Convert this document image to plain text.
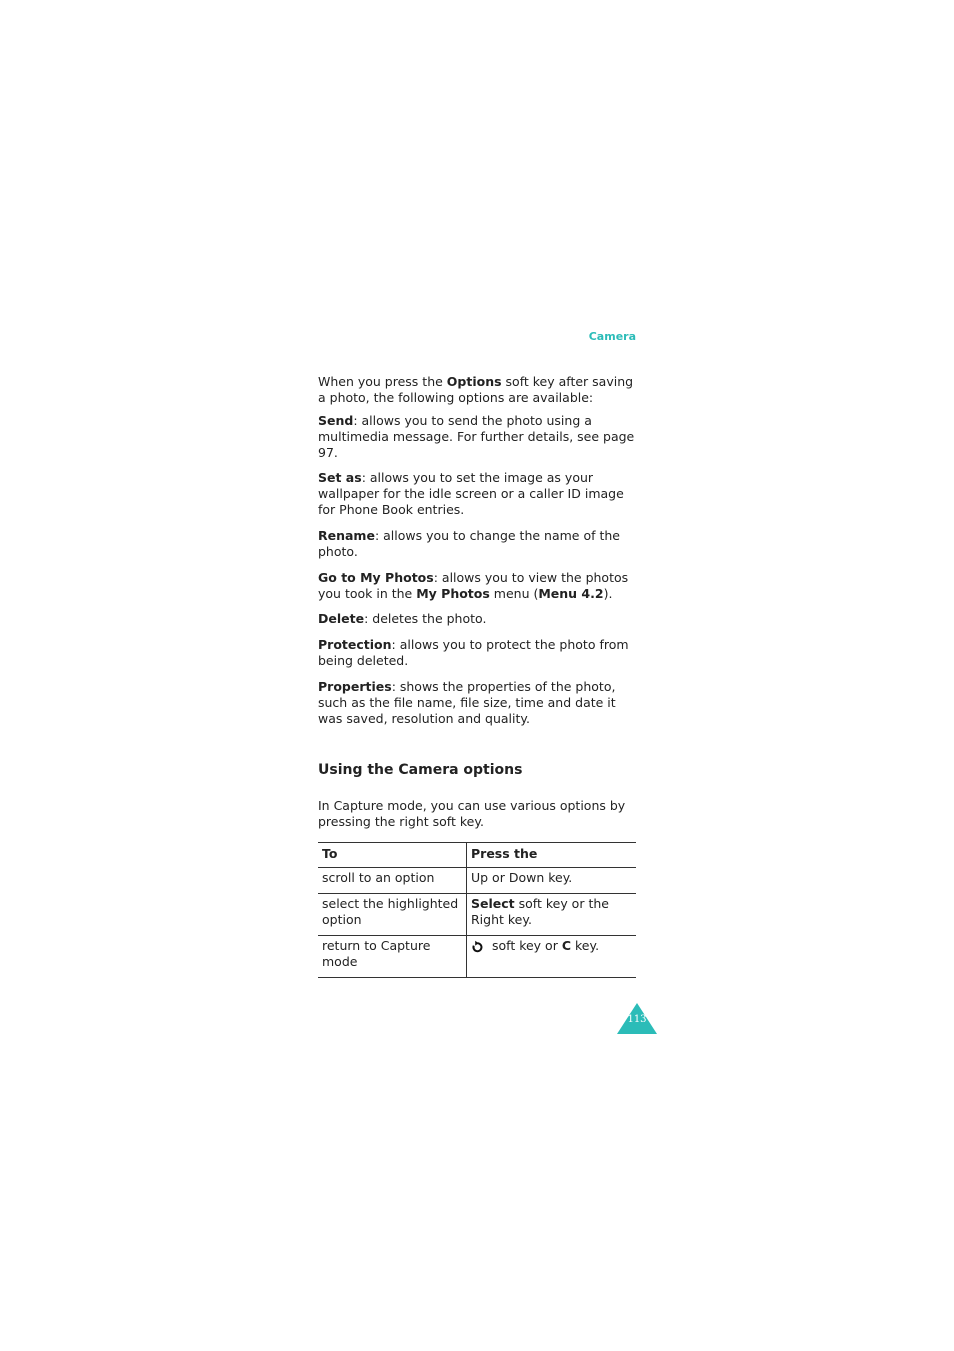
Camera

When you press the Options soft key after saving a photo, the following options are available:

Send: allows you to send the photo using a multimedia message. For further details, see page 97.

Set as: allows you to set the image as your wallpaper for the idle screen or a caller ID image for Phone Book entries.

Rename: allows you to change the name of the photo.

Go to My Photos: allows you to view the photos you took in the My Photos menu (Menu 4.2).

Delete: deletes the photo.

Protection: allows you to protect the photo from being deleted.

Properties: shows the properties of the photo, such as the file name, file size, time and date it was saved, resolution and quality.

Using the Camera options

In Capture mode, you can use various options by pressing the right soft key.

To	Press the
scroll to an option	Up or Down key.
select the highlighted option	Select soft key or the Right key.
return to Capture mode	soft key or C key.
113
